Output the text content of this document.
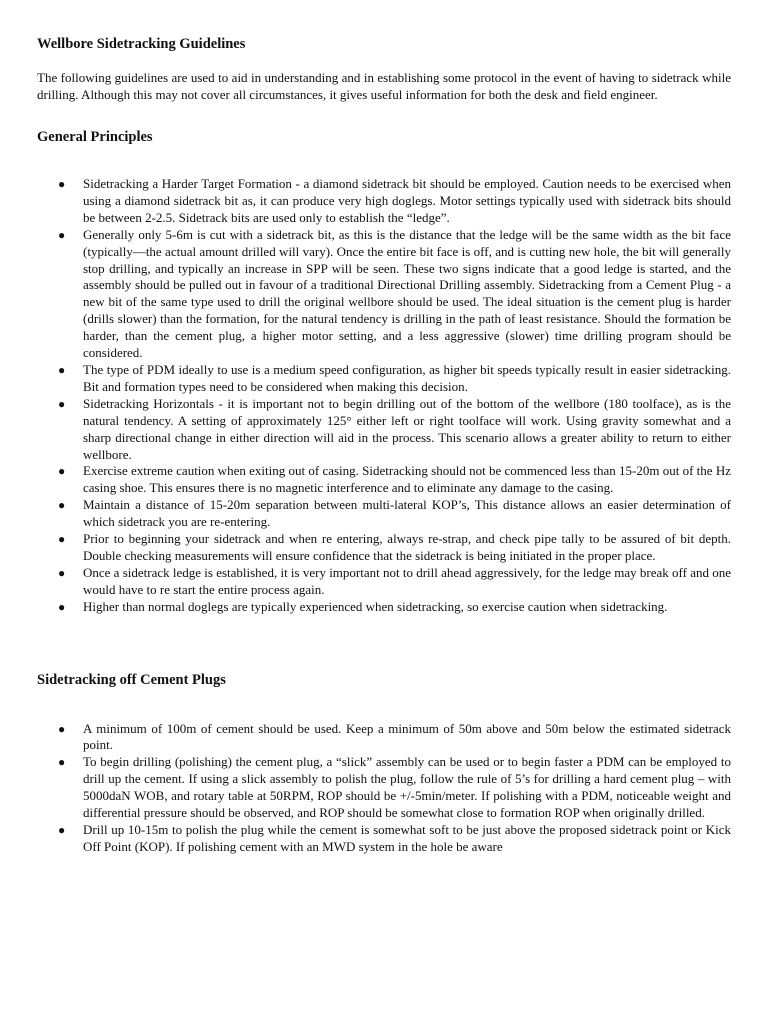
Wellbore Sidetracking Guidelines

The following guidelines are used to aid in understanding and in establishing some protocol in the event of having to sidetrack while drilling. Although this may not cover all circumstances, it gives useful information for both the desk and field engineer.

General Principles
● Sidetracking a Harder Target Formation - a diamond sidetrack bit should be employed. Caution needs to be exercised when using a diamond sidetrack bit as, it can produce very high doglegs. Motor settings typically used with sidetrack bits should be between 2-2.5. Sidetrack bits are used only to establish the “ledge”.
● Generally only 5-6m is cut with a sidetrack bit, as this is the distance that the ledge will be the same width as the bit face (typically—the actual amount drilled will vary). Once the entire bit face is off, and is cutting new hole, the bit will generally stop drilling, and typically an increase in SPP will be seen. These two signs indicate that a good ledge is started, and the assembly should be pulled out in favour of a traditional Directional Drilling assembly. Sidetracking from a Cement Plug - a new bit of the same type used to drill the original wellbore should be used. The ideal situation is the cement plug is harder (drills slower) than the formation, for the natural tendency is drilling in the path of least resistance. Should the formation be harder, than the cement plug, a higher motor setting, and a less aggressive (slower) time drilling program should be considered.
● The type of PDM ideally to use is a medium speed configuration, as higher bit speeds typically result in easier sidetracking. Bit and formation types need to be considered when making this decision.
● Sidetracking Horizontals - it is important not to begin drilling out of the bottom of the wellbore (180 toolface), as is the natural tendency. A setting of approximately 125° either left or right toolface will work. Using gravity somewhat and a sharp directional change in either direction will aid in the process. This scenario allows a greater ability to return to either wellbore.
● Exercise extreme caution when exiting out of casing. Sidetracking should not be commenced less than 15-20m out of the Hz casing shoe. This ensures there is no magnetic interference and to eliminate any damage to the casing.
● Maintain a distance of 15-20m separation between multi-lateral KOP’s, This distance allows an easier determination of which sidetrack you are re-entering.
● Prior to beginning your sidetrack and when re entering, always re-strap, and check pipe tally to be assured of bit depth. Double checking measurements will ensure confidence that the sidetrack is being initiated in the proper place.
● Once a sidetrack ledge is established, it is very important not to drill ahead aggressively, for the ledge may break off and one would have to re start the entire process again.
● Higher than normal doglegs are typically experienced when sidetracking, so exercise caution when sidetracking.
Sidetracking off Cement Plugs
● A minimum of 100m of cement should be used. Keep a minimum of 50m above and 50m below the estimated sidetrack point.
● To begin drilling (polishing) the cement plug, a “slick” assembly can be used or to begin faster a PDM can be employed to drill up the cement. If using a slick assembly to polish the plug, follow the rule of 5’s for drilling a hard cement plug – with 5000daN WOB, and rotary table at 50RPM, ROP should be +/-5min/meter. If polishing with a PDM, noticeable weight and differential pressure should be observed, and ROP should be somewhat close to formation ROP when originally drilled.
● Drill up 10-15m to polish the plug while the cement is somewhat soft to be just above the proposed sidetrack point or Kick Off Point (KOP). If polishing cement with an MWD system in the hole be aware
